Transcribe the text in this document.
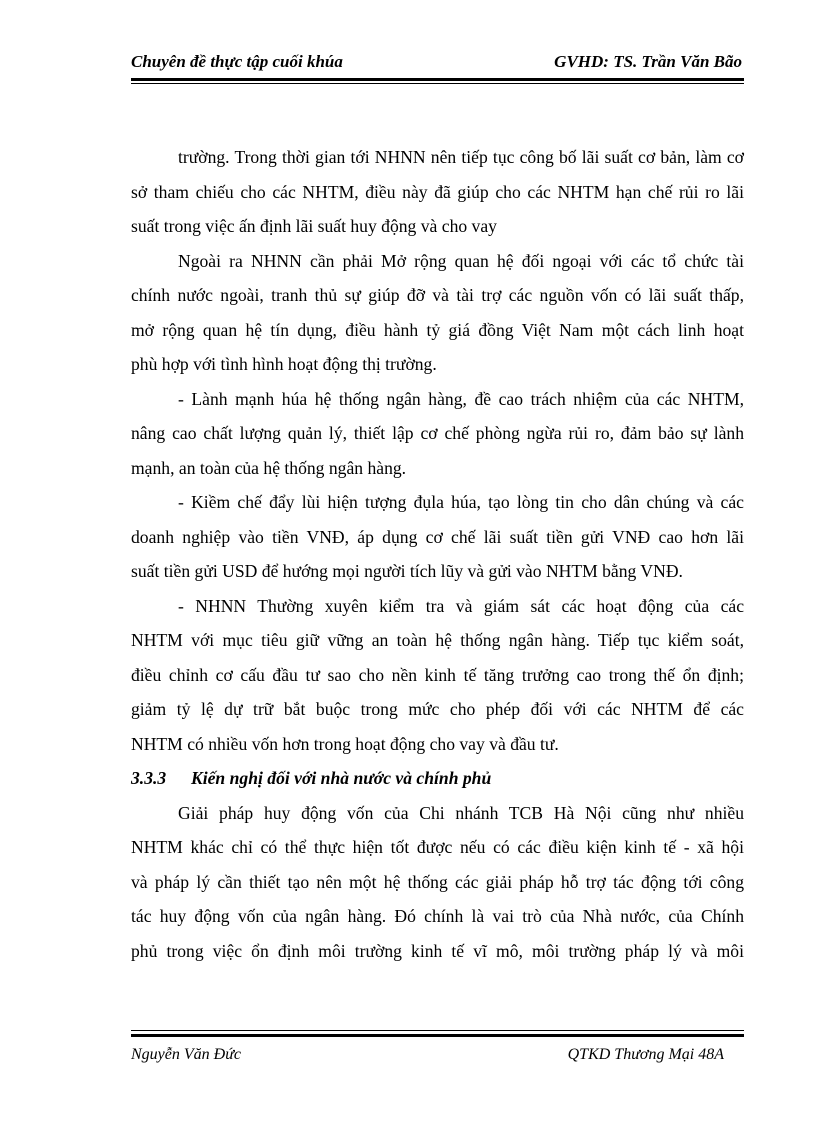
Chuyên đề thực tập cuối khúa	GVHD: TS. Trần Văn Bão
trường. Trong thời gian tới NHNN nên tiếp tục công bố lãi suất cơ bản, làm cơ
sở tham chiếu cho các NHTM, điều này đã giúp cho các NHTM hạn chế rủi ro lãi
suất trong việc ấn định lãi suất huy động và cho vay
Ngoài ra NHNN cần phải Mở rộng quan hệ đối ngoại với các tổ chức tài
chính nước ngoài, tranh thủ sự giúp đỡ và tài trợ các nguồn vốn có lãi suất thấp,
mở rộng quan hệ tín dụng, điều hành tỷ giá đồng Việt Nam một cách linh hoạt
phù hợp với tình hình hoạt động thị trường.
- Lành mạnh húa hệ thống ngân hàng, đề cao trách nhiệm của các NHTM,
nâng cao chất lượng quản lý, thiết lập cơ chế phòng ngừa rủi ro, đảm bảo sự lành
mạnh, an toàn của hệ thống ngân hàng.
- Kiềm chế đẩy lùi hiện tượng đụla húa, tạo lòng tin cho dân chúng và các
doanh nghiệp vào tiền VNĐ, áp dụng cơ chế lãi suất tiền gửi VNĐ cao hơn lãi
suất tiền gửi USD để hướng mọi người tích lũy và gửi vào NHTM bằng VNĐ.
- NHNN Thường xuyên kiểm tra và giám sát các hoạt động của các
NHTM với mục tiêu giữ vững an toàn hệ thống ngân hàng. Tiếp tục kiểm soát,
điều chỉnh cơ cấu đầu tư sao cho nền kinh tế tăng trưởng cao trong thế ổn định;
giảm tỷ lệ dự trữ bắt buộc trong mức cho phép đối với các NHTM để các
NHTM có nhiều vốn hơn trong hoạt động cho vay và đầu tư.
3.3.3 Kiến nghị đối với nhà nước và chính phủ
Giải pháp huy động vốn của Chi nhánh TCB Hà Nội cũng như nhiều
NHTM khác chỉ có thể thực hiện tốt được nếu có các điều kiện kinh tế - xã hội
và pháp lý cần thiết tạo nên một hệ thống các giải pháp hỗ trợ tác động tới công
tác huy động vốn của ngân hàng. Đó chính là vai trò của Nhà nước, của Chính
phủ trong việc ổn định môi trường kinh tế vĩ mô, môi trường pháp lý và môi
Nguyễn Văn Đức	QTKD Thương Mại 48A
